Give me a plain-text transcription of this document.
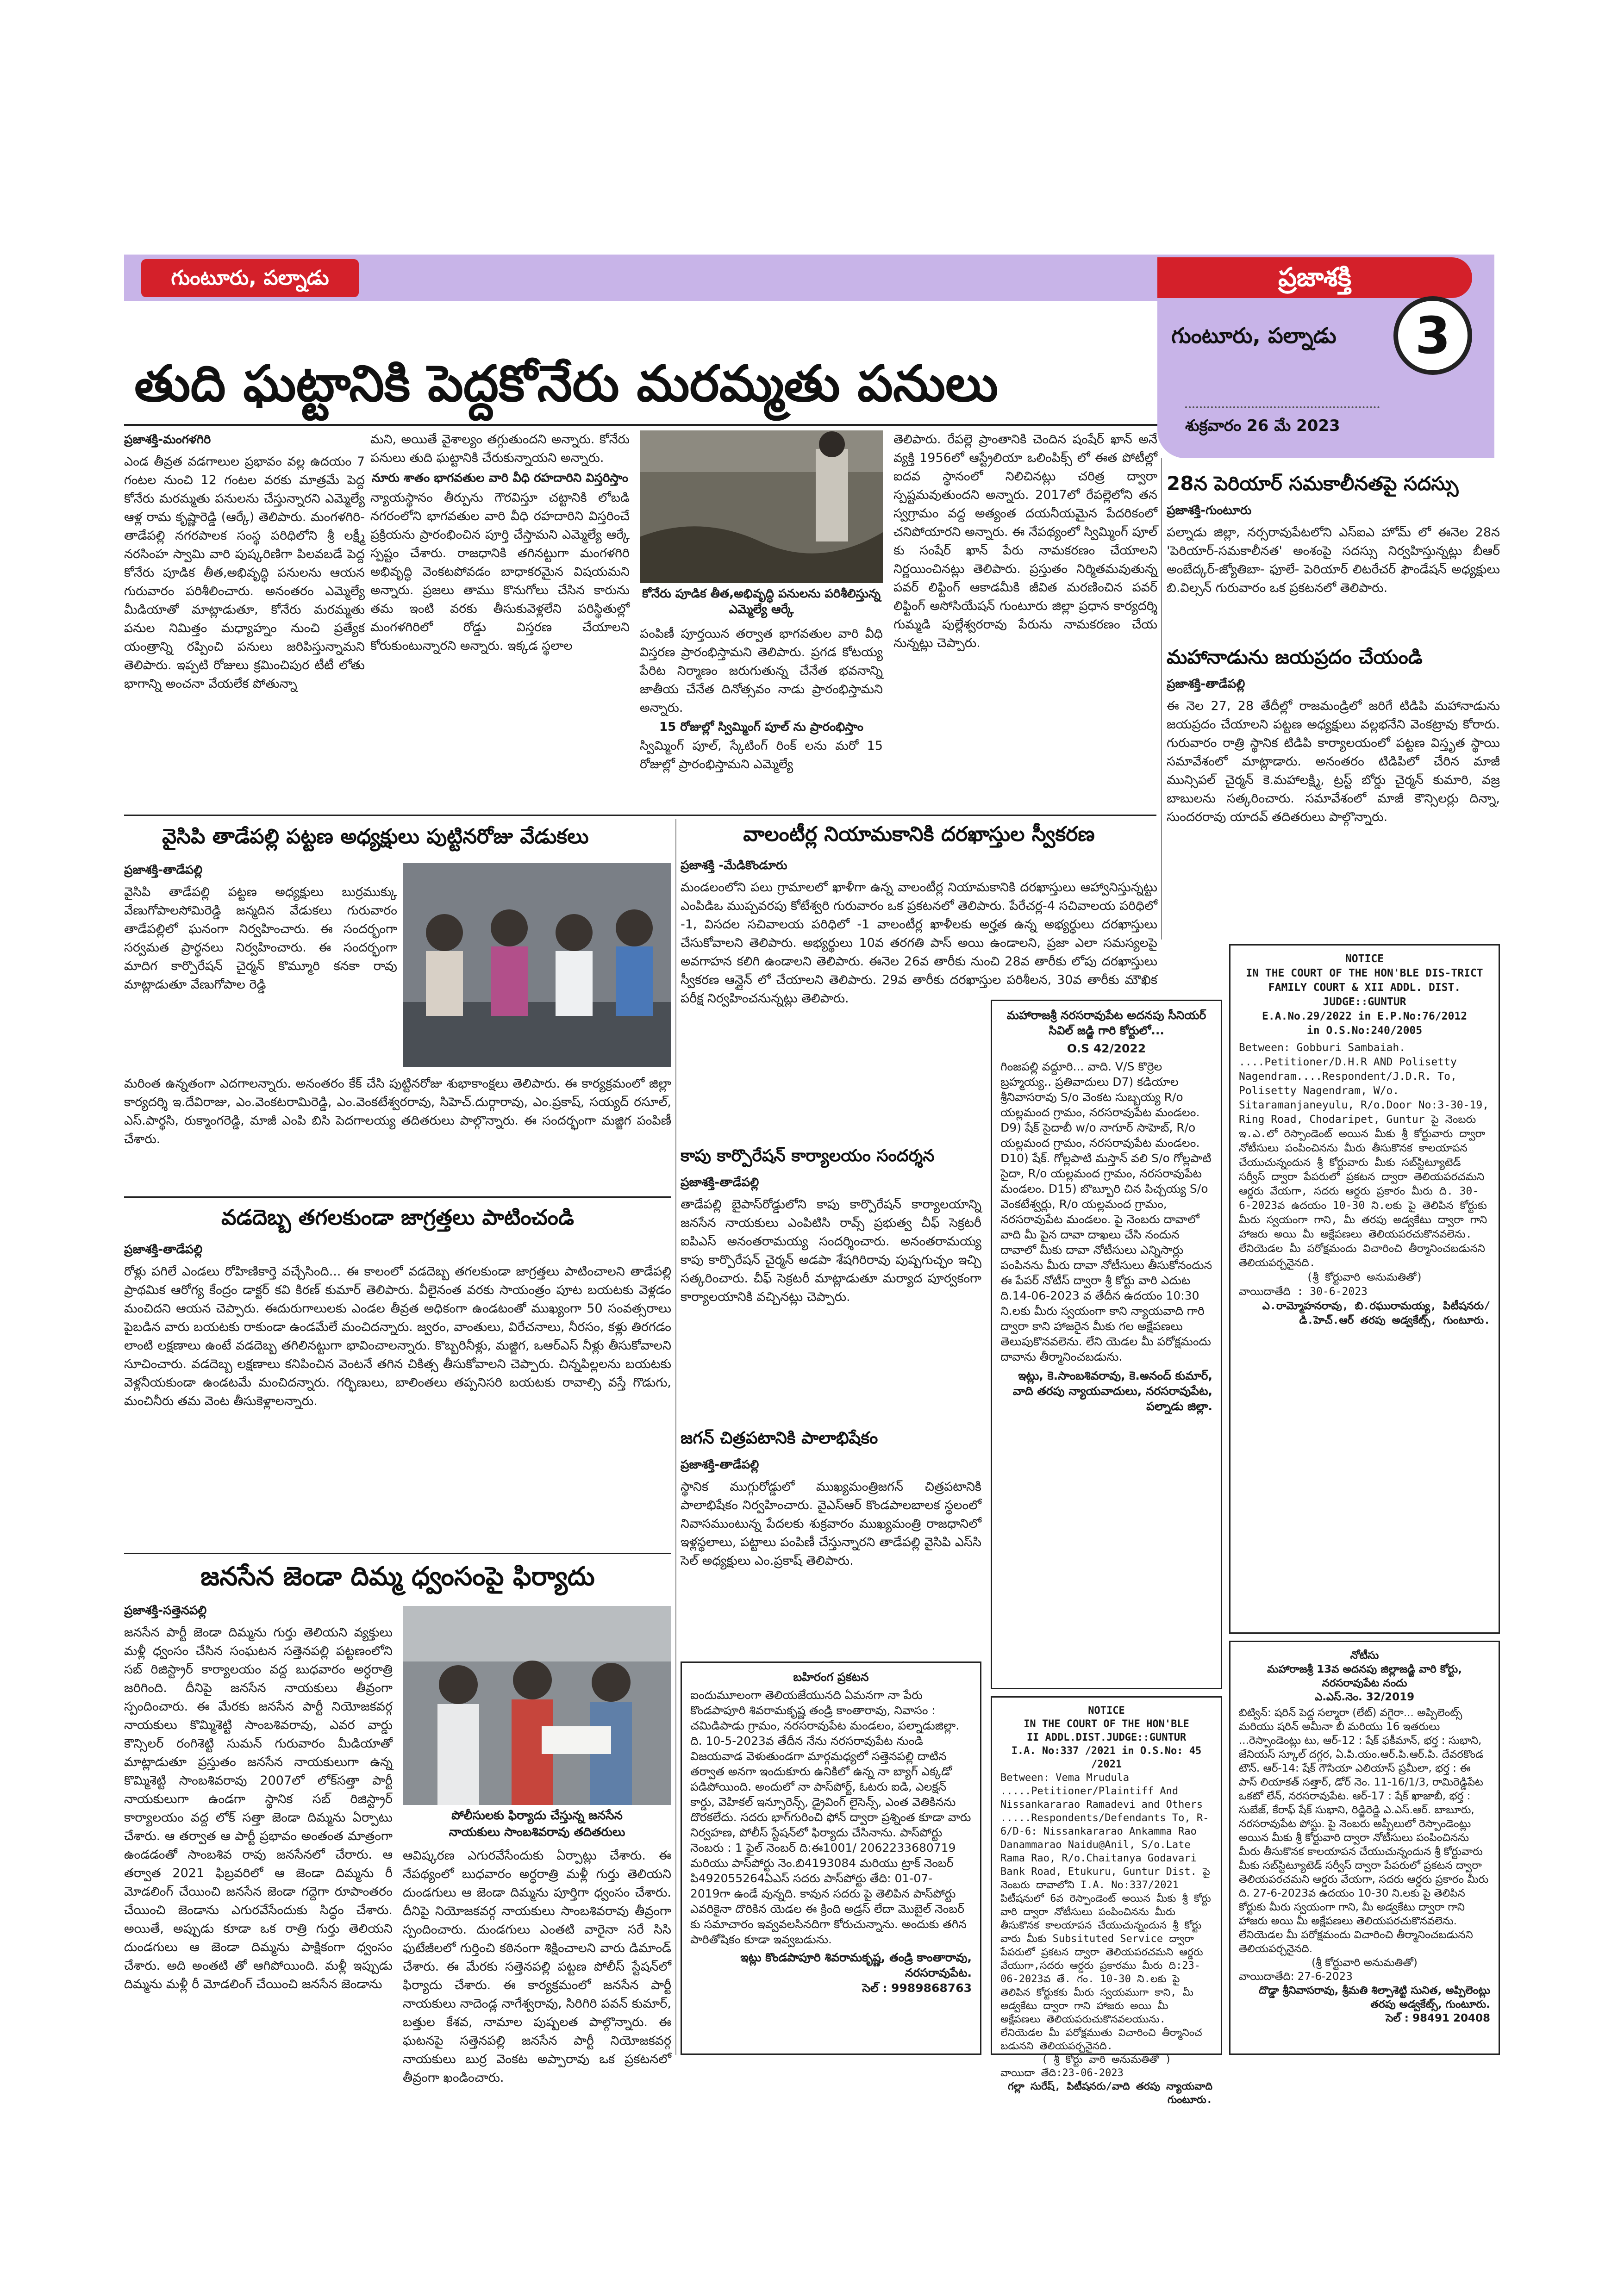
గుంటూరు, పల్నాడు	ప్రజాశక్తి
గుంటూరు, పల్నాడు	3
శుక్రవారం 26 మే 2023
తుది ఘట్టానికి పెద్దకోనేరు మరమ్మతు పనులు
ప్రజాశక్తి-మంగళగిరి

ఎండ తీవ్రత వడగాలుల ప్రభావం వల్ల ఉదయం 7 గంటల నుంచి 12 గంటల వరకు మాత్రమే పెద్ద కోనేరు మరమ్మతు పనులను చేస్తున్నారని ఎమ్మెల్యే ఆళ్ల రామ కృష్ణారెడ్డి (ఆర్కే) తెలిపారు. మంగళగిరి-తాడేపల్లి నగరపాలక సంస్థ పరిధిలోని శ్రీ లక్ష్మీ నరసింహ స్వామి వారి పుష్కరిణిగా పిలవబడే పెద్ద కోనేరు పూడిక తీత,అభివృద్ధి పనులను ఆయన గురువారం పరిశీలించారు. అనంతరం ఎమ్మెల్యే మీడియాతో మాట్లాడుతూ, కోనేరు మరమ్మతు పనుల నిమిత్తం మధ్యాహ్నం నుంచి ప్రత్యేక యంత్రాన్ని రప్పించి పనులు జరిపిస్తున్నామని తెలిపారు. ఇప్పటి రోజులు క్రమించిపుర టీటీ లోతు భాగాన్ని అంచనా వేయలేక పోతున్నా

మని, అయితే వైశాల్యం తగ్గుతుందని అన్నారు. కోనేరు పనులు తుది ఘట్టానికి చేరుకున్నాయని అన్నారు.

నూరు శాతం భాగవతుల వారి వీధి రహదారిని విస్తరిస్తాం

న్యాయస్థానం తీర్పును గౌరవిస్తూ చట్టానికి లోబడి నగరంలోని భాగవతుల వారి వీధి రహదారిని విస్తరించే ప్రక్రియను ప్రారంభించిన పూర్తి చేస్తామని ఎమ్మెల్యే ఆర్కే స్పష్టం చేశారు. రాజధానికి తగినట్టుగా మంగళగిరి అభివృద్ధి వెంకటపోవడం బాధాకరమైన విషయమని అన్నారు. ప్రజలు తాము కొనుగోలు చేసిన కారును తమ ఇంటి వరకు తీసుకువెళ్లలేని పరిస్థితుల్లో మంగళగిరిలో రోడ్డు విస్తరణ చేయాలని కోరుకుంటున్నారని అన్నారు. ఇక్కడ స్థలాల

కోనేరు పూడిక తీత,అభివృద్ధి పనులను పరిశీలిస్తున్న ఎమ్మెల్యే ఆర్కే

పంపిణీ పూర్తయిన తర్వాత భాగవతుల వారి వీధి విస్తరణ ప్రారంభిస్తామని తెలిపారు. ప్రగడ కోటయ్య పేరిట నిర్మాణం జరుగుతున్న చేనేత భవనాన్ని జాతీయ చేనేత దినోత్సవం నాడు ప్రారంభిస్తామని అన్నారు.

15 రోజుల్లో స్విమ్మింగ్ పూల్ ను ప్రారంభిస్తాం

స్విమ్మింగ్ పూల్, స్కేటింగ్ రింక్ లను మరో 15 రోజుల్లో ప్రారంభిస్తామని ఎమ్మెల్యే

తెలిపారు. రేపల్లె ప్రాంతానికి చెందిన షంషేర్ ఖాన్ అనే వ్యక్తి 1956లో ఆస్ట్రేలియా ఒలింపిక్స్ లో ఈత పోటీల్లో ఐదవ స్థానంలో నిలిచినట్లు చరిత్ర ద్వారా స్పష్టమవుతుందని అన్నారు. 2017లో రేపల్లెలోని తన స్వగ్రామం వద్ద అత్యంత దయనీయమైన పేదరికంలో చనిపోయారని అన్నారు. ఈ నేపథ్యంలో స్విమ్మింగ్ పూల్ కు సంషేర్ ఖాన్ పేరు నామకరణం చేయాలని నిర్ణయించినట్లు తెలిపారు. ప్రస్తుతం నిర్మితమవుతున్న పవర్ లిఫ్టింగ్ ఆకాడమీకి జీవిత మరణించిన పవర్ లిఫ్టింగ్ అసోసియేషన్ గుంటూరు జిల్లా ప్రధాన కార్యదర్శి గుమ్మడి పుల్లేశ్వరరావు పేరును నామకరణం చేయ నున్నట్లు చెప్పారు.

28న పెరియార్ సమకాలీనతపై సదస్సు
ప్రజాశక్తి-గుంటూరు

పల్నాడు జిల్లా, నర్సరావుపేటలోని ఎస్ఐఎ హోమ్ లో ఈనెల 28న 'పెరియార్-సమకాలీనత' అంశంపై సదస్సు నిర్వహిస్తున్నట్లు బీఆర్ అంబేద్కర్-జ్యోతిబా- ఫూలే- పెరియార్ లిటరేచర్ ఫౌండేషన్ అధ్యక్షులు బి.విల్సన్ గురువారం ఒక ప్రకటనలో తెలిపారు.

మహానాడును జయప్రదం చేయండి
ప్రజాశక్తి-తాడేపల్లి

ఈ నెల 27, 28 తేదీల్లో రాజమండ్రిలో జరిగే టిడిపి మహానాడును జయప్రదం చేయాలని పట్టణ అధ్యక్షులు వల్లభనేని వెంకట్రావు కోరారు. గురువారం రాత్రి స్థానిక టిడిపి కార్యాలయంలో పట్టణ విస్తృత స్థాయి సమావేశంలో మాట్లాడారు. అనంతరం టిడిపిలో చేరిన మాజీ మున్సిపల్ చైర్మన్ కె.మహాలక్ష్మి, ట్రస్ట్ బోర్డు చైర్మన్ కుమారి, వజ్ర బాబులను సత్కరించారు. సమావేశంలో మాజీ కౌన్సిలర్లు దిన్నా, సుందరరావు యాదవ్ తదితరులు పాల్గొన్నారు.

వైసిపి తాడేపల్లి పట్టణ అధ్యక్షులు పుట్టినరోజు వేడుకలు
ప్రజాశక్తి-తాడేపల్లి

వైసిపి తాడేపల్లి పట్టణ అధ్యక్షులు బుర్రముక్కు వేణుగోపాలసోమిరెడ్డి జన్మదిన వేడుకలు గురువారం తాడేపల్లిలో ఘనంగా నిర్వహించారు. ఈ సందర్భంగా సర్వమత ప్రార్థనలు నిర్వహించారు. ఈ సందర్భంగా మాదిగ కార్పొరేషన్ చైర్మన్ కొమ్మూరి కనకా రావు మాట్లాడుతూ వేణుగోపాల రెడ్డి

మరింత ఉన్నతంగా ఎదగాలన్నారు. అనంతరం కేక్ చేసి పుట్టినరోజు శుభాకాంక్షలు తెలిపారు. ఈ కార్యక్రమంలో జిల్లా కార్యదర్శి ఇ.దేవిరాజు, ఎం.వెంకటరామిరెడ్డి, ఎం.వెంకటేశ్వరరావు, సిహెచ్.దుర్గారావు, ఎం.ప్రకాష్, సయ్యద్ రసూల్, ఎస్.పార్థసి, రుక్మాంగరెడ్డి, మాజీ ఎంపి బిసి పెదగాలయ్య తదితరులు పాల్గొన్నారు. ఈ సందర్భంగా మజ్జిగ పంపిణీ చేశారు.

వడదెబ్బ తగలకుండా జాగ్రత్తలు పాటించండి
ప్రజాశక్తి-తాడేపల్లి

రోళ్లు పగిలే ఎండలు రోహిణికార్తె వచ్చేసింది... ఈ కాలంలో వడదెబ్బ తగలకుండా జాగ్రత్తలు పాటించాలని తాడేపల్లి ప్రాథమిక ఆరోగ్య కేంద్రం డాక్టర్ కవి కిరణ్ కుమార్ తెలిపారు. వీలైనంత వరకు సాయంత్రం పూట బయటకు వెళ్లడం మంచిదని ఆయన చెప్పారు. ఈదురుగాలులకు ఎండల తీవ్రత అధికంగా ఉండటంతో ముఖ్యంగా 50 సంవత్సరాలు పైబడిన వారు బయటకు రాకుండా ఉండమేలే మంచిదన్నారు. జ్వరం, వాంతులు, విరేచనాలు, నీరసం, కళ్లు తిరగడం లాంటి లక్షణాలు ఉంటే వడదెబ్బ తగిలినట్టుగా భావించాలన్నారు. కొబ్బరినీళ్లు, మజ్జిగ, ఒఆర్ఎస్ నీళ్లు తీసుకోవాలని సూచించారు. వడదెబ్బ లక్షణాలు కనిపించిన వెంటనే తగిన చికిత్స తీసుకోవాలని చెప్పారు. చిన్నపిల్లలను బయటకు వెళ్లనీయకుండా ఉండటమే మంచిదన్నారు. గర్భిణులు, బాలింతలు తప్పనిసరి బయటకు రావాల్సి వస్తే గొడుగు, మంచినీరు తమ వెంట తీసుకెళ్లాలన్నారు.

జనసేన జెండా దిమ్మ ధ్వంసంపై ఫిర్యాదు
ప్రజాశక్తి-సత్తెనపల్లి

జనసేన పార్టీ జెండా దిమ్మను గుర్తు తెలియని వ్యక్తులు మళ్లీ ధ్వంసం చేసిన సంఘటన సత్తెనపల్లి పట్టణంలోని సబ్ రిజిస్ట్రార్ కార్యాలయం వద్ద బుధవారం అర్ధరాత్రి జరిగింది. దీనిపై జనసేన నాయకులు తీవ్రంగా స్పందించారు. ఈ మేరకు జనసేన పార్టీ నియోజకవర్గ నాయకులు కొమ్మిశెట్టి సాంబశివరావు, ఎవర వార్డు కౌన్సిలర్ రంగిశెట్టి సుమన్ గురువారం మీడియాతో మాట్లాడుతూ ప్రస్తుతం జనసేన నాయకులుగా ఉన్న కొమ్మిశెట్టి సాంబశివరావు 2007లో లోక్‌సత్తా పార్టీ నాయకులుగా ఉండగా స్థానిక సబ్ రిజిస్ట్రార్ కార్యాలయం వద్ద లోక్ సత్తా జెండా దిమ్మను ఏర్పాటు చేశారు. ఆ తర్వాత ఆ పార్టీ ప్రభావం అంతంత మాత్రంగా ఉండడంతో సాంబశివ రావు జనసేనలో చేరారు. ఆ తర్వాత 2021 ఫిబ్రవరిలో ఆ జెండా దిమ్మను రీ మోడలింగ్ చేయించి జనసేన జెండా గద్దెగా రూపాంతరం చేయించి జెండాను ఎగురవేసేందుకు సిద్ధం చేశారు. అయితే, అప్పుడు కూడా ఒక రాత్రి గుర్తు తెలియని దుండగులు ఆ జెండా దిమ్మను పాక్షికంగా ధ్వంసం చేశారు. అది అంతటి తో ఆగిపోయింది. మళ్లీ ఇప్పుడు దిమ్మను మళ్లీ రీ మోడలింగ్ చేయించి జనసేన జెండాను

పోలీసులకు ఫిర్యాదు చేస్తున్న జనసేన
నాయకులు సాంబశివరావు తదితరులు

ఆవిష్కరణ ఎగురవేసేందుకు ఏర్పాట్లు చేశారు. ఈ నేపథ్యంలో బుధవారం అర్ధరాత్రి మళ్లీ గుర్తు తెలియని దుండగులు ఆ జెండా దిమ్మను పూర్తిగా ధ్వంసం చేశారు. దీనిపై నియోజకవర్గ నాయకులు సాంబశివరావు తీవ్రంగా స్పందించారు. దుండగులు ఎంతటి వారైనా సరే సిసి ఫుటేజీలలో గుర్తించి కఠినంగా శిక్షించాలని వారు డిమాండ్ చేశారు. ఈ మేరకు సత్తెనపల్లి పట్టణ పోలీస్ స్టేషన్‌లో ఫిర్యాదు చేశారు. ఈ కార్యక్రమంలో జనసేన పార్టీ నాయకులు నాదెండ్ల నాగేశ్వరావు, సిరిగిరి పవన్ కుమార్, బత్తుల కేశవ, నామాల పుష్పలత పాల్గొన్నారు. ఈ ఘటనపై సత్తెనపల్లి జనసేన పార్టీ నియోజకవర్గ నాయకులు బుర్ర వెంకట అప్పారావు ఒక ప్రకటనలో తీవ్రంగా ఖండించారు.

వాలంటీర్ల నియామకానికి దరఖాస్తుల స్వీకరణ
ప్రజాశక్తి -మేడికొండూరు

మండలంలోని పలు గ్రామాలలో ఖాళీగా ఉన్న వాలంటీర్ల నియామకానికి దరఖాస్తులు ఆహ్వానిస్తున్నట్టు ఎంపిడిఒ ముప్పవరపు కోటేశ్వరి గురువారం ఒక ప్రకటనలో తెలిపారు. పేరేచర్ల-4 సచివాలయ పరిధిలో -1, విసదల సచివాలయ పరిధిలో -1 వాలంటీర్ల ఖాళీలకు అర్హత ఉన్న అభ్యర్థులు దరఖాస్తులు చేసుకోవాలని తెలిపారు. అభ్యర్థులు 10వ తరగతి పాస్ అయి ఉండాలని, ప్రజా ఎలా సమస్యలపై అవగాహన కలిగి ఉండాలని తెలిపారు. ఈనెల 26వ తారీకు నుంచి 28వ తారీకు లోపు దరఖాస్తులు స్వీకరణ ఆన్లైన్ లో చేయాలని తెలిపారు. 29వ తారీకు దరఖాస్తుల పరిశీలన, 30వ తారీకు మౌఖిక పరీక్ష నిర్వహించనున్నట్లు తెలిపారు.

మహారాజశ్రీ నరసరావుపేట అదనపు సీనియర్ సివిల్ జడ్జి గారి కోర్టులో...
O.S 42/2022

గింజపల్లి వద్దూరి... వాది. V/S కొర్రెల బ్రహ్మయ్య.. ప్రతివాదులు D7) కడియాల శ్రీనివాసరావు S/o వెంకట సుబ్బయ్య R/o యల్లమంద గ్రామం, నరసరావుపేట మండలం. D9) షేక్ సైదాబీ w/o నాగూర్ సాహెబ్, R/o యల్లమంద గ్రామం, నరసరావుపేట మండలం. D10) షేక్. గోల్లపాటి మస్తాన్ వలి S/o గోల్లపాటి సైదా, R/o యల్లమంద గ్రామం, నరసరావుపేట మండలం. D15) బొబ్బూరి చిన పిచ్చయ్య S/o వెంకటేశ్వర్లు, R/o యల్లమంద గ్రామం, నరసరావుపేట మండలం. పై నెంబరు దావాలో వాది మీ పైన దావా దాఖలు చేసి నందున దావాలో మీకు దావా నోటీసులు ఎన్నిసార్లు పంపినను మీరు దావా నోటీసులు తీసుకోనందున ఈ పేపర్ నోటీస్ ద్వారా శ్రీ కోర్టు వారి ఎదుట ది.14-06-2023 వ తేదీన ఉదయం 10:30 ని.లకు మీరు స్వయంగా కాని న్యాయవాది గారి ద్వారా కాని హాజరైన మీకు గల అక్షేపణలు తెలుపుకొనవలెను. లేని యెడల మీ పరోక్షమందు దావాను తీర్మానించబడును.

ఇట్లు, కె.సాంబశివరావు, కె.అనంద్ కుమార్, వాది తరపు న్యాయవాదులు, నరసరావుపేట, పల్నాడు జిల్లా.

కాపు కార్పొరేషన్ కార్యాలయం సందర్శన
ప్రజాశక్తి-తాడేపల్లి

తాడేపల్లి బైపాస్‌రోడ్డులోని కాపు కార్పొరేషన్ కార్యాలయాన్ని జనసేన నాయకులు ఎంపిటిసి రావ్స్ ప్రభుత్వ చీఫ్ సెక్రటరీ ఐపిఎస్ అనంతరామయ్య సందర్శించారు. అనంతరామయ్య కాపు కార్పొరేషన్ చైర్మన్ అడపా శేషగిరిరావు పుష్పగుచ్ఛం ఇచ్చి సత్కరించారు. చీఫ్ సెక్రటరీ మాట్లాడుతూ మర్యాద పూర్వకంగా కార్యాలయానికి వచ్చినట్లు చెప్పారు.

జగన్ చిత్రపటానికి పాలాభిషేకం
ప్రజాశక్తి-తాడేపల్లి

స్థానిక ముగ్గురోడ్డులో ముఖ్యమంత్రిజగన్ చిత్రపటానికి పాలాభిషేకం నిర్వహించారు. వైఎస్ఆర్ కొండపాలబాలక స్థలంలో నివాసముంటున్న పేదలకు శుక్రవారం ముఖ్యమంత్రి రాజధానిలో ఇళ్లస్థలాలు, పట్టాలు పంపిణీ చేస్తున్నారని తాడేపల్లి వైసిపి ఎస్‌సి సెల్ అధ్యక్షులు ఎం.ప్రకాష్ తెలిపారు.

బహిరంగ ప్రకటన

ఐందుమూలంగా తెలియజేయునది ఏమనగా నా పేరు కొండపాపూరి శివరామకృష్ణ తండ్రి కాంతారావు, నివాసం : చమిడిపాడు గ్రామం, నరసరావుపేట మండలం, పల్నాడుజిల్లా. ది. 10-5-2023వ తేదీన నేను నరసరావుపేట నుండి విజయవాడ వెళుతుండగా మార్గమధ్యలో సత్తెనపల్లి దాటిన తర్వాత అనగా ఇందుకూరు ఉనికిలో ఉన్న నా బ్యాగ్ ఎక్కడో పడిపోయింది. అందులో నా పాస్‌పోర్ట్, ఓటరు ఐడి, ఎలక్షన్ కార్డు, వెహికల్ ఇన్సూరెన్స్, డ్రైవింగ్ లైసెన్స్, ఎంత వెతికినను దొరకలేదు. సదరు భాగ్‌గురించి ఫోన్ ద్వారా ప్రశ్నింత కూడా వారు నిర్వహణ, పోలీస్ స్టేషన్‌లో ఫిర్యాదు చేసినాను. పాస్‌పోర్టు నెంబరు : 1 ఫైల్ నెంబర్ ది:ఈ1001/ 2062233680719 మరియు పాస్‌పోర్టు నెం.బి4193084 మరియు ట్రాక్ నెంబర్ పి492055264ఏఎస్ సదరు పాస్‌పోర్టు తేది: 01-07-2019గా ఉండే వున్నది. కావున సదరు పై తెలిపిన పాస్‌పోర్టు ఎవరికైనా దొరికిన యెడల ఈ క్రింది అడ్రస్ లేదా మొబైల్ నెంబర్ కు సమాచారం ఇవ్వవలసినదిగా కోరుచున్నాను. అందుకు తగిన పారితోషికం కూడా ఇవ్వబడును.

ఇట్లు కొండపాపూరి శివరామకృష్ణ, తండ్రి కాంతారావు, నరసరావుపేట.

సెల్ : 9989868763

NOTICE
IN THE COURT OF THE HON'BLE
II ADDL.DIST.JUDGE::GUNTUR
I.A. No:337 /2021 in O.S.No: 45 /2021

Between: Vema Mrudula .....Petitioner/Plaintiff And Nissankararao Ramadevi and Others .....Respondents/Defendants To, R-6/D-6: Nissankararao Ankamma Rao Danammarao Naidu@Anil, S/o.Late Rama Rao, R/o.Chaitanya Godavari Bank Road, Etukuru, Guntur Dist. పై నెంబరు దావాలోని I.A. No:337/2021 పిటీషనులో 6వ రెస్పాండెంట్ అయిన మీకు శ్రీ కోర్టు వారి ద్వారా నోటీసులు పంపించినను మీరు తీసుకొనక కాలయాపన చేయుచున్నందున శ్రీ కోర్టు వారు మీకు Subsituted Service ద్వారా పేపరులో ప్రకటన ద్వారా తెలియపరచమని ఆర్డరు వేయుగా,సదరు ఆర్డరు ప్రకారము మీరు ది:23-06-2023వ తే. గం. 10-30 ని.లకు పై తెలిపిన కోర్టుకకు మీరు స్వయముగా కాని, మీ అడ్వకేటు ద్వారా గాని హాజరు అయి మీ అక్షేపణలు తెలియపరుచుకొనవలయును. లేనియెడల మీ పరోక్షముతు విచారించి తీర్మానించ బడునని తెలియపర్చనైనది.

( శ్రీ కోర్టు వారి అనుమతితో )

వాయిదా తేది:23-06-2023

గల్లా సురేష్, పిటీషనరు/వాది తరపు న్యాయవాది గుంటూరు.

NOTICE
IN THE COURT OF THE HON'BLE DIS-TRICT FAMILY COURT & XII ADDL. DIST. JUDGE::GUNTUR
E.A.No.29/2022 in E.P.No:76/2012
in O.S.No:240/2005

Between: Gobburi Sambaiah. ....Petitioner/D.H.R AND Polisetty Nagendram....Respondent/J.D.R. To, Polisetty Nagendram, W/o. Sitaramanjaneyulu, R/o.Door No:3-30-19, Ring Road, Chodaripet, Guntur పై నెంబరు ఇ.ఎ.లో రెస్పాండెంట్ అయిన మీకు శ్రీ కోర్టువారు ద్వారా నోటీసులు పంపించినను మీరు తీసుకొనక కాలయాపన చేయుచున్నందున శ్రీ కోర్టువారు మీకు సబ్‌స్టిట్యూటెడ్ సర్వీస్ ద్వారా పేపరులో ప్రకటన ద్వారా తెలియపరచమని ఆర్డరు వేయగా, సదరు ఆర్డరు ప్రకారం మీరు ది. 30-6-2023వ ఉదయం 10-30 ని.లకు పై తెలిపిన కోర్టుకు మీరు స్వయంగా గాని, మీ తరపు అడ్వకేటు ద్వారా గాని హాజరు అయి మీ అక్షేపణలు తెలియపరచుకొనవలెను. లేనియెడల మీ పరోక్షమందు విచారించి తీర్మానించబడునని తెలియపర్చనైనది.

(శ్రీ కోర్టువారి అనుమతితో)

వాయిదాతేది : 30-6-2023

ఎ.రామ్మోహనరావు, బి.రఘురామయ్య, పిటీషనరు/డి.హెచ్.ఆర్ తరపు అడ్వకేట్స్, గుంటూరు.

నోటీసు
మహారాజశ్రీ 13వ అదనపు జిల్లాజడ్జి వారి కోర్టు, నరసరావుపేట నందు
ఎ.ఎస్.నెం. 32/2019

బిట్విన్: షరిన్ పెద్ద సల్మారా (లేట్) వగైరా... అప్పిలెంట్స్ మరియు షరిన్ అమీనా బీ మరియు 16 ఇతరులు ...రెస్పాండెంట్లు టు, ఆర్-12 : షేక్ ఫకీమాన్, భర్త : సుభాని, జేనియస్ స్కూల్ దగ్గర, ఏ.పి.యం.ఆర్.పి.ఆర్.పి. దేవరకొండ టౌన్. ఆర్-14: షేక్ గౌసియా ఎలియాస్ ప్రమీలా, భర్త : ఈ పాస్ లియాకత్ సత్తార్, డోర్ నెం. 11-16/1/3, రామిరెడ్డిపేట ఒకటో లేన్, నరసరావుపేట. ఆర్-17 : షేక్ ఖాజాబీ, భర్త : సుబేజ్, కేరాఫ్ షేక్ సుభాని, రిడ్జిరెడ్డి ఎ.ఎస్.ఆర్. బాబూరు, నరసరావుపేట పోస్టు. పై నెంబరు అప్పీలులో రెస్పాండెంట్లు అయిన మీకు శ్రీ కోర్టువారి ద్వారా నోటీసులు పంపించినను మీరు తీసుకొనక కాలయాపన చేయుచున్నందున శ్రీ కోర్టువారు మీకు సబ్‌స్టిట్యూటెడ్ సర్వీస్ ద్వారా పేపరులో ప్రకటన ద్వారా తెలియపరచమని ఆర్డరు వేయగా, సదరు ఆర్డరు ప్రకారం మీరు ది. 27-6-2023వ ఉదయం 10-30 ని.లకు పై తెలిపిన కోర్టుకు మీరు స్వయంగా గాని, మీ అడ్వకేటు ద్వారా గాని హాజరు అయి మీ అక్షేపణలు తెలియపరచుకొనవలెను. లేనియెడల మీ పరోక్షమందు విచారించి తీర్మానించబడునని తెలియపర్చనైనది.

(శ్రీ కోర్టువారి అనుమతితో)

వాయిదాతేది: 27-6-2023

దొడ్డా శ్రీనివాసరావు, శ్రీమతి శిల్పాశెట్టి సునిత, అప్పిలెంట్లు తరపు అడ్వకేట్స్, గుంటూరు.

సెల్ : 98491 20408
